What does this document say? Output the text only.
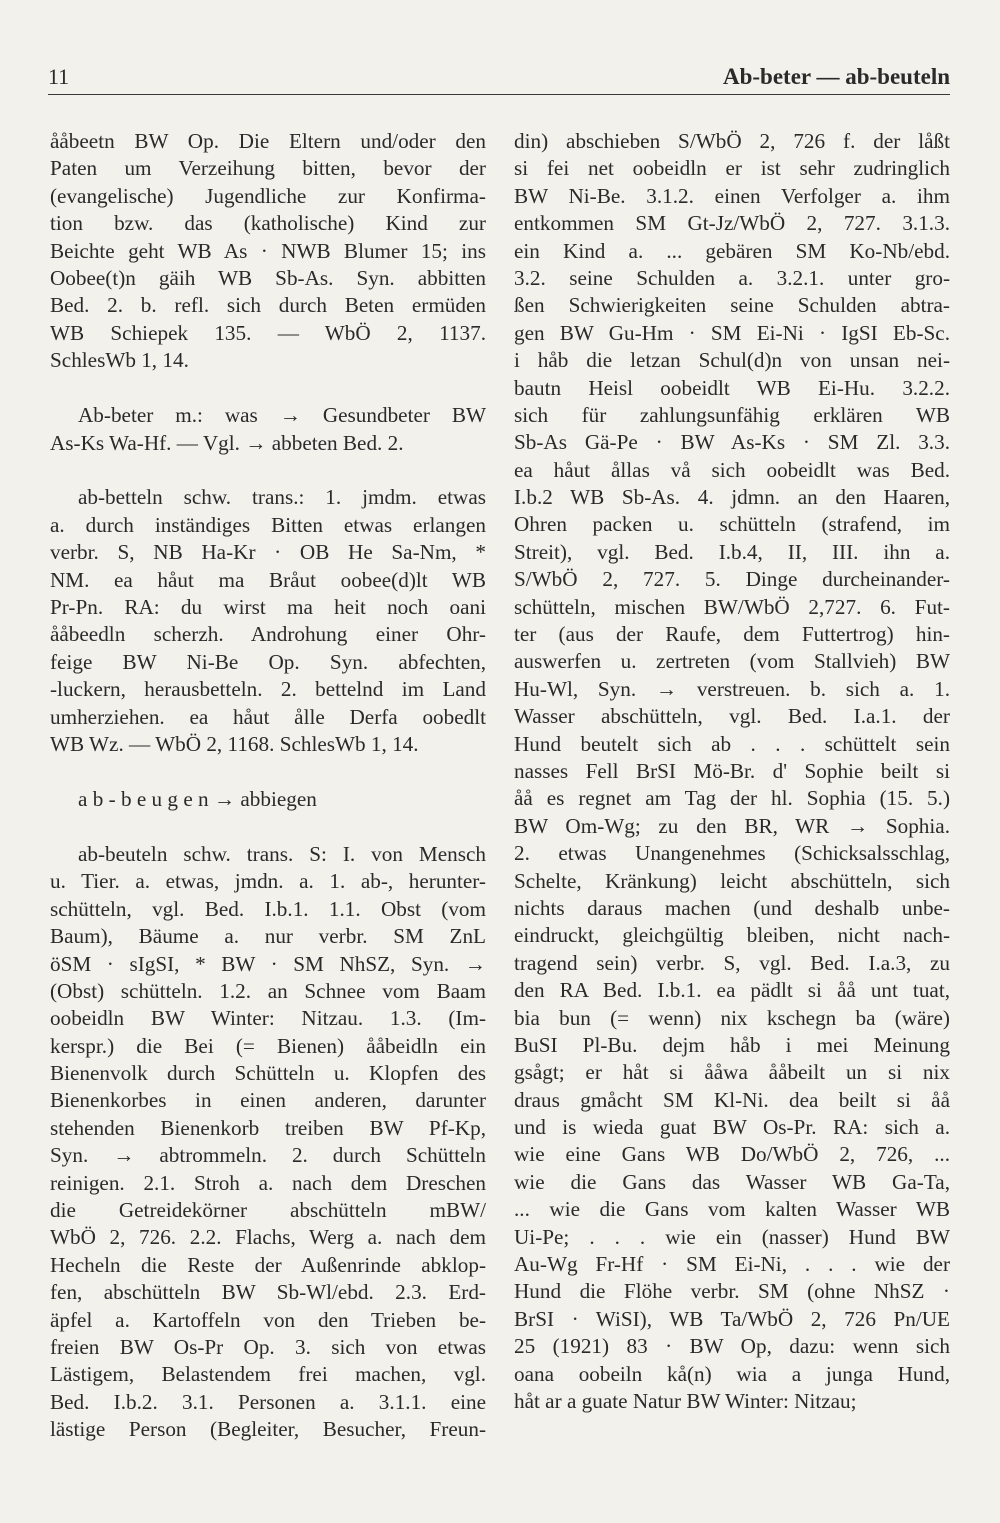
11	Ab-beter — ab-beuteln
ååbeetn BW Op. Die Eltern und/oder den
Paten um Verzeihung bitten, bevor der
(evangelische) Jugendliche zur Konfirma-
tion bzw. das (katholische) Kind zur
Beichte geht WB As · NWB Blumer 15; ins
Oobee(t)n gäih WB Sb-As. Syn. abbitten
Bed. 2. b. refl. sich durch Beten ermüden
WB Schiepek 135. — WbÖ 2, 1137.
SchlesWb 1, 14.
Ab-beter m.: was → Gesundbeter BW
As-Ks Wa-Hf. — Vgl. → abbeten Bed. 2.
ab-betteln schw. trans.: 1. jmdm. etwas
a. durch inständiges Bitten etwas erlangen
verbr. S, NB Ha-Kr · OB He Sa-Nm, *
NM. ea håut ma Bråut oobee(d)lt WB
Pr-Pn. RA: du wirst ma heit noch oani
ååbeedln scherzh. Androhung einer Ohr-
feige BW Ni-Be Op. Syn. abfechten,
-luckern, herausbetteln. 2. bettelnd im Land
umherziehen. ea håut ålle Derfa oobedlt
WB Wz. — WbÖ 2, 1168. SchlesWb 1, 14.
a b - b e u g e n → abbiegen
ab-beuteln schw. trans. S: I. von Mensch
u. Tier. a. etwas, jmdn. a. 1. ab-, herunter-
schütteln, vgl. Bed. I.b.1. 1.1. Obst (vom
Baum), Bäume a. nur verbr. SM ZnL
öSM · sIgSI, * BW · SM NhSZ, Syn. →
(Obst) schütteln. 1.2. an Schnee vom Baam
oobeidln BW Winter: Nitzau. 1.3. (Im-
kerspr.) die Bei (= Bienen) ååbeidln ein
Bienenvolk durch Schütteln u. Klopfen des
Bienenkorbes in einen anderen, darunter
stehenden Bienenkorb treiben BW Pf-Kp,
Syn. → abtrommeln. 2. durch Schütteln
reinigen. 2.1. Stroh a. nach dem Dreschen
die Getreidekörner abschütteln mBW/
WbÖ 2, 726. 2.2. Flachs, Werg a. nach dem
Hecheln die Reste der Außenrinde abklop-
fen, abschütteln BW Sb-Wl/ebd. 2.3. Erd-
äpfel a. Kartoffeln von den Trieben be-
freien BW Os-Pr Op. 3. sich von etwas
Lästigem, Belastendem frei machen, vgl.
Bed. I.b.2. 3.1. Personen a. 3.1.1. eine
lästige Person (Begleiter, Besucher, Freun-
din) abschieben S/WbÖ 2, 726 f. der låßt
si fei net oobeidln er ist sehr zudringlich
BW Ni-Be. 3.1.2. einen Verfolger a. ihm
entkommen SM Gt-Jz/WbÖ 2, 727. 3.1.3.
ein Kind a. ... gebären SM Ko-Nb/ebd.
3.2. seine Schulden a. 3.2.1. unter gro-
ßen Schwierigkeiten seine Schulden abtra-
gen BW Gu-Hm · SM Ei-Ni · IgSI Eb-Sc.
i håb die letzan Schul(d)n von unsan nei-
bautn Heisl oobeidlt WB Ei-Hu. 3.2.2.
sich für zahlungsunfähig erklären WB
Sb-As Gä-Pe · BW As-Ks · SM Zl. 3.3.
ea håut ållas vå sich oobeidlt was Bed.
I.b.2 WB Sb-As. 4. jdmn. an den Haaren,
Ohren packen u. schütteln (strafend, im
Streit), vgl. Bed. I.b.4, II, III. ihn a.
S/WbÖ 2, 727. 5. Dinge durcheinander-
schütteln, mischen BW/WbÖ 2,727. 6. Fut-
ter (aus der Raufe, dem Futtertrog) hin-
auswerfen u. zertreten (vom Stallvieh) BW
Hu-Wl, Syn. → verstreuen. b. sich a. 1.
Wasser abschütteln, vgl. Bed. I.a.1. der
Hund beutelt sich ab . . . schüttelt sein
nasses Fell BrSI Mö-Br. d' Sophie beilt si
åå es regnet am Tag der hl. Sophia (15. 5.)
BW Om-Wg; zu den BR, WR → Sophia.
2. etwas Unangenehmes (Schicksalsschlag,
Schelte, Kränkung) leicht abschütteln, sich
nichts daraus machen (und deshalb unbe-
eindruckt, gleichgültig bleiben, nicht nach-
tragend sein) verbr. S, vgl. Bed. I.a.3, zu
den RA Bed. I.b.1. ea pädlt si åå unt tuat,
bia bun (= wenn) nix kschegn ba (wäre)
BuSI Pl-Bu. dejm håb i mei Meinung
gsågt; er håt si ååwa ååbeilt un si nix
draus gmåcht SM Kl-Ni. dea beilt si åå
und is wieda guat BW Os-Pr. RA: sich a.
wie eine Gans WB Do/WbÖ 2, 726, ...
wie die Gans das Wasser WB Ga-Ta,
... wie die Gans vom kalten Wasser WB
Ui-Pe; . . . wie ein (nasser) Hund BW
Au-Wg Fr-Hf · SM Ei-Ni, . . . wie der
Hund die Flöhe verbr. SM (ohne NhSZ ·
BrSI · WiSI), WB Ta/WbÖ 2, 726 Pn/UE
25 (1921) 83 · BW Op, dazu: wenn sich
oana oobeiln kå(n) wia a junga Hund,
håt ar a guate Natur BW Winter: Nitzau;
